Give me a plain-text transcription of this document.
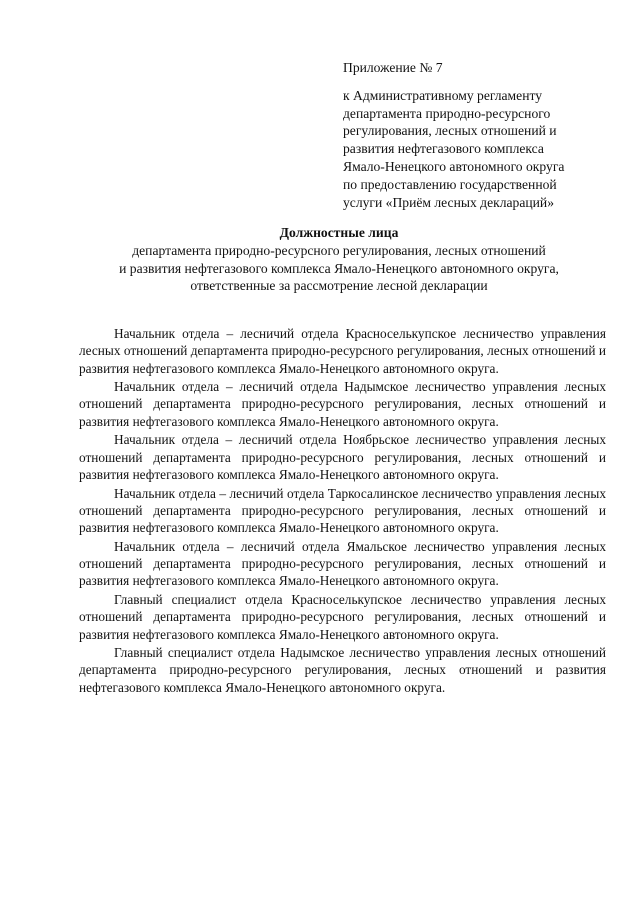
Приложение № 7

к Административному регламенту
департамента природно-ресурсного
регулирования, лесных отношений и
развития нефтегазового комплекса
Ямало-Ненецкого автономного округа
по предоставлению государственной
услуги «Приём лесных деклараций»

Должностные лица

департамента природно-ресурсного регулирования, лесных отношений
и развития нефтегазового комплекса Ямало-Ненецкого автономного округа,
ответственные за рассмотрение лесной декларации

Начальник отдела – лесничий отдела Красноселькупское лесничество управления лесных отношений департамента природно-ресурсного регулирования, лесных отношений и развития нефтегазового комплекса Ямало-Ненецкого автономного округа.

Начальник отдела – лесничий отдела Надымское лесничество управления лесных отношений департамента природно-ресурсного регулирования, лесных отношений и развития нефтегазового комплекса Ямало-Ненецкого автономного округа.

Начальник отдела – лесничий отдела Ноябрьское лесничество управления лесных отношений департамента природно-ресурсного регулирования, лесных отношений и развития нефтегазового комплекса Ямало-Ненецкого автономного округа.

Начальник отдела – лесничий отдела Таркосалинское лесничество управления лесных отношений департамента природно-ресурсного регулирования, лесных отношений и развития нефтегазового комплекса Ямало-Ненецкого автономного округа.

Начальник отдела – лесничий отдела Ямальское лесничество управления лесных отношений департамента природно-ресурсного регулирования, лесных отношений и развития нефтегазового комплекса Ямало-Ненецкого автономного округа.

Главный специалист отдела Красноселькупское лесничество управления лесных отношений департамента природно-ресурсного регулирования, лесных отношений и развития нефтегазового комплекса Ямало-Ненецкого автономного округа.

Главный специалист отдела Надымское лесничество управления лесных отношений департамента природно-ресурсного регулирования, лесных отношений и развития нефтегазового комплекса Ямало-Ненецкого автономного округа.
